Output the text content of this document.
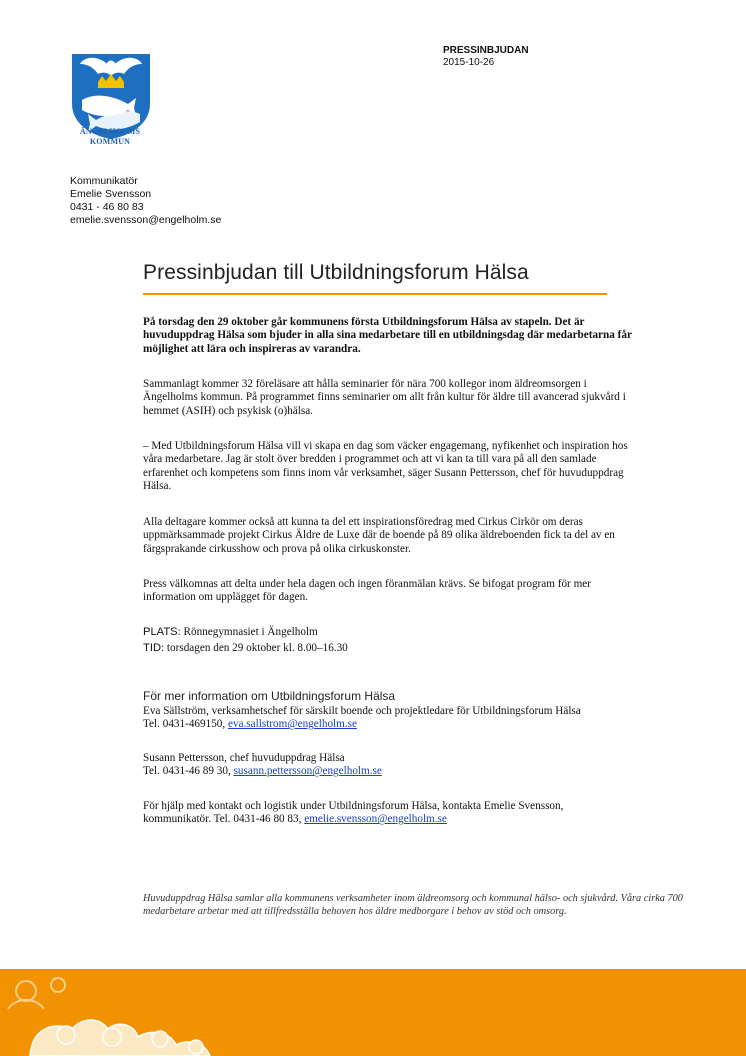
ÄNGELHOLMS
KOMMUN
PRESSINBJUDAN
2015-10-26
Kommunikatör
Emelie Svensson
0431 - 46 80 83
emelie.svensson@engelholm.se
Pressinbjudan till Utbildningsforum Hälsa
På torsdag den 29 oktober går kommunens första Utbildningsforum Hälsa av stapeln. Det är huvuduppdrag Hälsa som bjuder in alla sina medarbetare till en utbildningsdag där medarbetarna får möjlighet att lära och inspireras av varandra.
Sammanlagt kommer 32 föreläsare att hålla seminarier för nära 700 kollegor inom äldreomsorgen i Ängelholms kommun. På programmet finns seminarier om allt från kultur för äldre till avancerad sjukvård i hemmet (ASIH) och psykisk (o)hälsa.
– Med Utbildningsforum Hälsa vill vi skapa en dag som väcker engagemang, nyfikenhet och inspiration hos våra medarbetare. Jag är stolt över bredden i programmet och att vi kan ta till vara på all den samlade erfarenhet och kompetens som finns inom vår verksamhet, säger Susann Pettersson, chef för huvuduppdrag Hälsa.
Alla deltagare kommer också att kunna ta del ett inspirationsföredrag med Cirkus Cirkör om deras uppmärksammade projekt Cirkus Äldre de Luxe där de boende på 89 olika äldreboenden fick ta del av en färgsprakande cirkusshow och prova på olika cirkuskonster.
Press välkomnas att delta under hela dagen och ingen föranmälan krävs. Se bifogat program för mer information om upplägget för dagen.
PLATS: Rönnegymnasiet i Ängelholm
TID: torsdagen den 29 oktober kl. 8.00–16.30
För mer information om Utbildningsforum Hälsa
Eva Sällström, verksamhetschef för särskilt boende och projektledare för Utbildningsforum Hälsa
Tel. 0431-469150, eva.sallstrom@engelholm.se
Susann Pettersson, chef huvuduppdrag Hälsa
Tel. 0431-46 89 30, susann.pettersson@engelholm.se
För hjälp med kontakt och logistik under Utbildningsforum Hälsa, kontakta Emelie Svensson,
kommunikatör. Tel. 0431-46 80 83, emelie.svensson@engelholm.se
Huvuduppdrag Hälsa samlar alla kommunens verksamheter inom äldreomsorg och kommunal hälso- och sjukvård. Våra cirka 700 medarbetare arbetar med att tillfredsställa behoven hos äldre medborgare i behov av stöd och omsorg.
